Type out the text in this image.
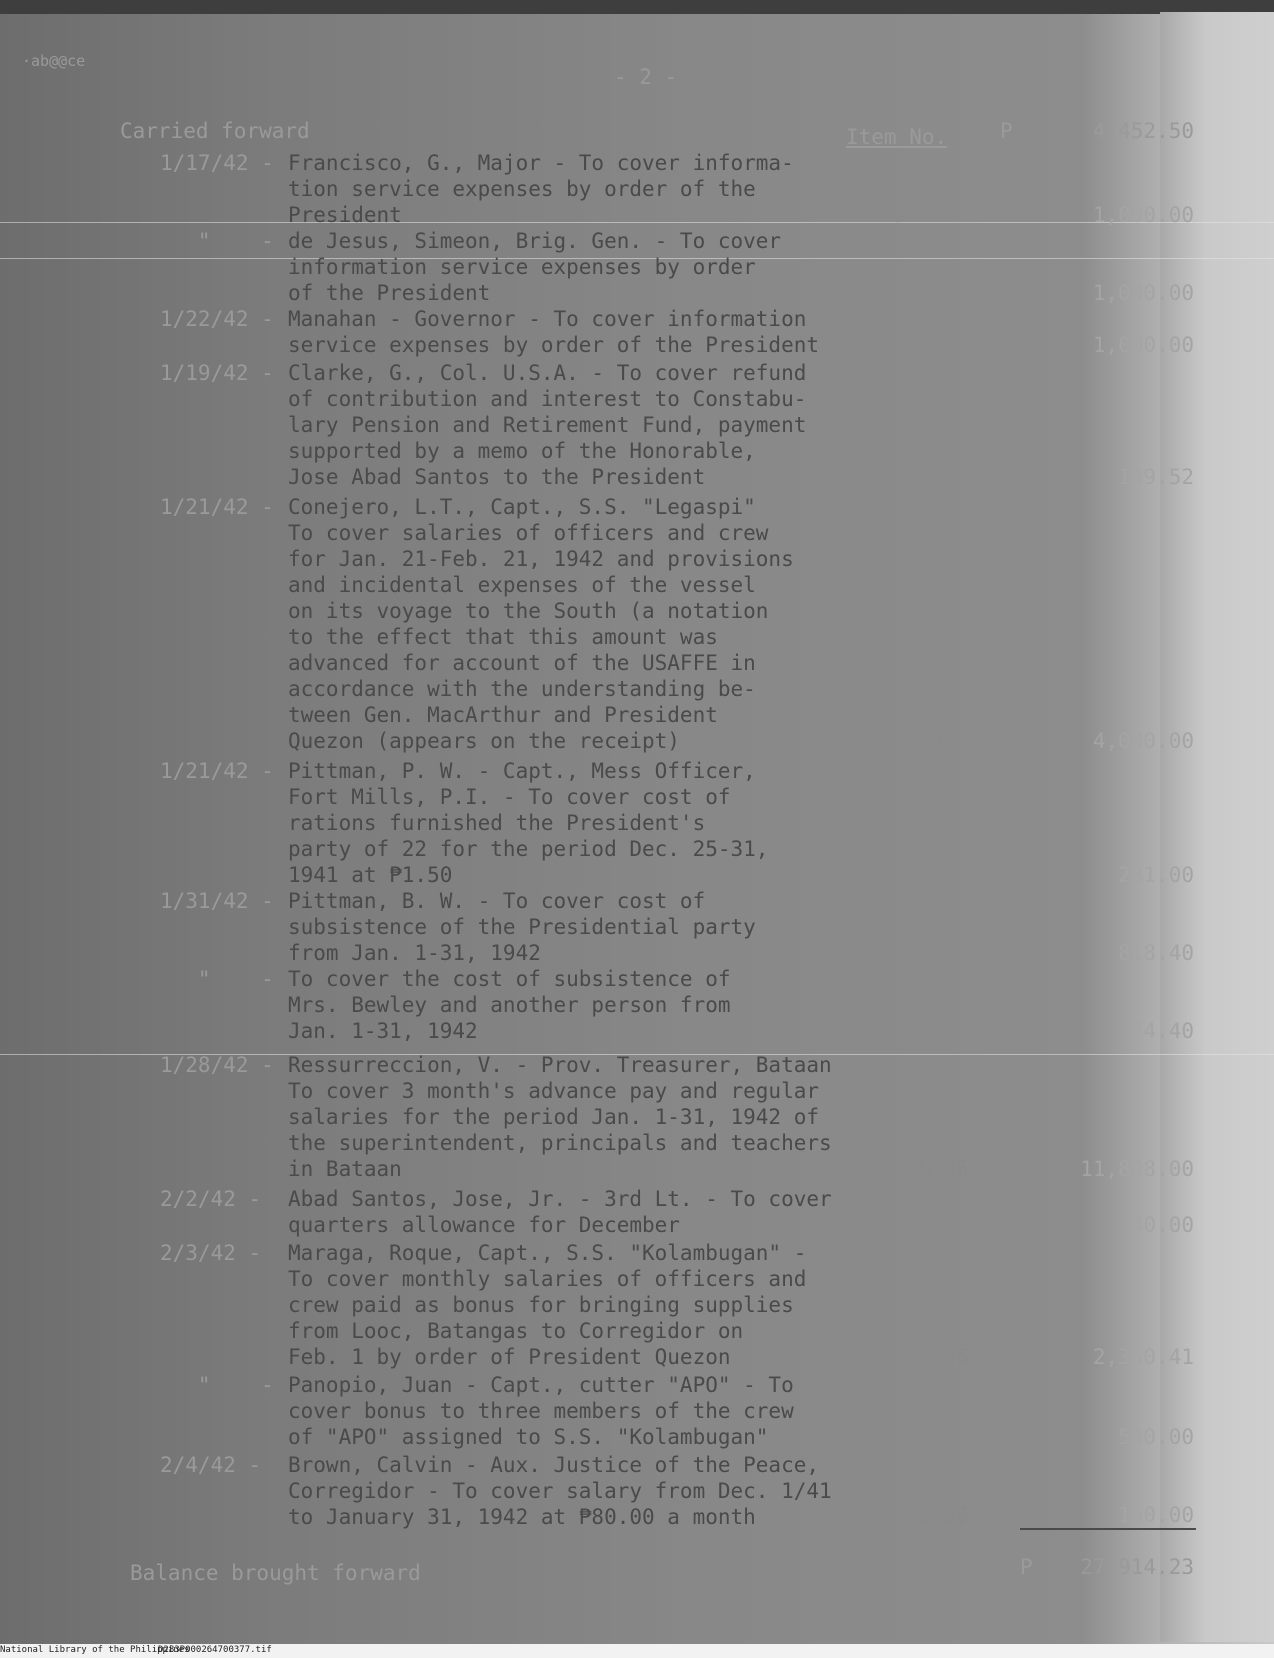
·ab@@ce
- 2 -
Carried forward	Item No.	P	4,452.50
1/17/42 - Francisco, G., Major - To cover informa-
tion service expenses by order of the
President	19	1,000.00
"    - de Jesus, Simeon, Brig. Gen. - To cover
information service expenses by order
of the President	20	1,000.00
1/22/42 - Manahan - Governor - To cover information
service expenses by order of the President	24	1,000.00
1/19/42 - Clarke, G., Col. U.S.A. - To cover refund
of contribution and interest to Constabu-
lary Pension and Retirement Fund, payment
supported by a memo of the Honorable,
Jose Abad Santos to the President	25&26.	149.52
1/21/42 - Conejero, L.T., Capt., S.S. "Legaspi"
To cover salaries of officers and crew
for Jan. 21-Feb. 21, 1942 and provisions
and incidental expenses of the vessel
on its voyage to the South (a notation
to the effect that this amount was
advanced for account of the USAFFE in
accordance with the understanding be-
tween Gen. MacArthur and President
Quezon (appears on the receipt)	28&29	4,000.00
1/21/42 - Pittman, P. W. - Capt., Mess Officer,
Fort Mills, P.I. - To cover cost of
rations furnished the President's
party of 22 for the period Dec. 25-31,
1941 at ₱1.50	30	231.00
1/31/42 - Pittman, B. W. - To cover cost of
subsistence of the Presidential party
from Jan. 1-31, 1942	32	818.40
"    - To cover the cost of subsistence of
Mrs. Bewley and another person from
Jan. 1-31, 1942	34	74.40
1/28/42 - Ressurreccion, V. - Prov. Treasurer, Bataan
To cover 3 month's advance pay and regular
salaries for the period Jan. 1-31, 1942 of
the superintendent, principals and teachers
in Bataan	35 & 36	11,898.00
2/2/42 - Abad Santos, Jose, Jr. - 3rd Lt. - To cover
quarters allowance for December	41	40.00
2/3/42 - Maraga, Roque, Capt., S.S. "Kolambugan" -
To cover monthly salaries of officers and
crew paid as bonus for bringing supplies
from Looc, Batangas to Corregidor on
Feb. 1 by order of President Quezon	45 & 46	2,350.41
"    - Panopio, Juan - Capt., cutter "APO" - To
cover bonus to three members of the crew
of "APO" assigned to S.S. "Kolambugan"	47	540.00
2/4/42 - Brown, Calvin - Aux. Justice of the Peace,
Corregidor - To cover salary from Dec. 1/41
to January 31, 1942 at ₱80.00 a month	49 & 50	160.00
Balance brought forward	P 27,914.23
National Library of the Philippines
D283P000264700377.tif
